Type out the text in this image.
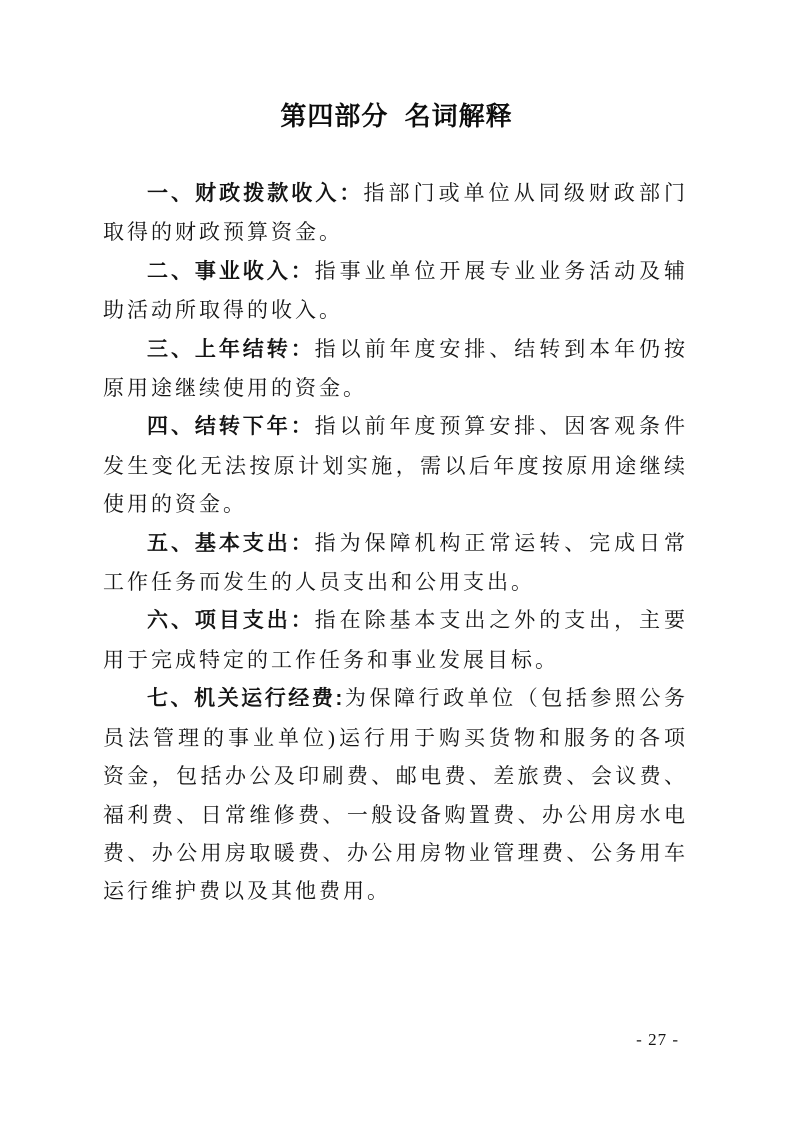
第四部分 名词解释

一、财政拨款收入：指部门或单位从同级财政部门取得的财政预算资金。

二、事业收入：指事业单位开展专业业务活动及辅助活动所取得的收入。

三、上年结转：指以前年度安排、结转到本年仍按原用途继续使用的资金。

四、结转下年：指以前年度预算安排、因客观条件发生变化无法按原计划实施，需以后年度按原用途继续使用的资金。

五、基本支出：指为保障机构正常运转、完成日常工作任务而发生的人员支出和公用支出。

六、项目支出：指在除基本支出之外的支出，主要用于完成特定的工作任务和事业发展目标。

七、机关运行经费:为保障行政单位（包括参照公务员法管理的事业单位)运行用于购买货物和服务的各项资金，包括办公及印刷费、邮电费、差旅费、会议费、福利费、日常维修费、一般设备购置费、办公用房水电费、办公用房取暖费、办公用房物业管理费、公务用车运行维护费以及其他费用。

- 27 -
